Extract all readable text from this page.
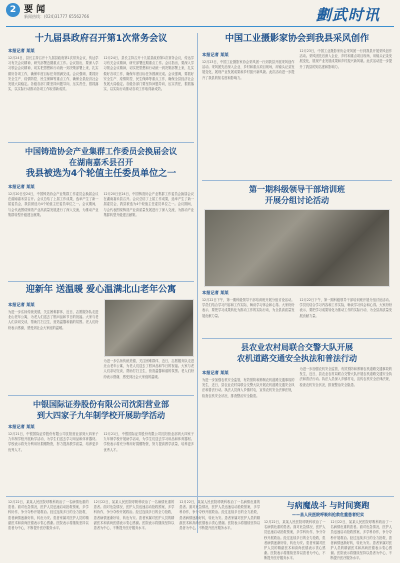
2 要 闻
新闻热线：(024)31777 65562766	劃武时讯
十九届县政府召开第1次常务会议
本报记者 某某
12月24日，县长主持召开十九届县政府第1次常务会议，传达学习有关会议精神，研究部署近期重点工作。会议指出，要深入学习领会会议精神，切实把思想和行动统一到决策部署上来，扎实做好各项工作，确保年度目标任务圆满完成。会议强调，要抓好安全生产、疫情防控、民生保障等重点工作，确保全县经济社会发展大局稳定。各级各部门要坚持问题导向，压实责任，狠抓落实，以实际行动推动各项工作取得新成效。
12月24日，县长主持召开十九届县政府第1次常务会议，传达学习有关会议精神，研究部署近期重点工作。会议指出，要深入学习领会会议精神，切实把思想和行动统一到决策部署上来，扎实做好各项工作，确保年度目标任务圆满完成。会议强调，要抓好安全生产、疫情防控、民生保障等重点工作，确保全县经济社会发展大局稳定。各级各部门要坚持问题导向，压实责任，狠抓落实，以实际行动推动各项工作取得新成效。
中国工业摄影家协会到我县采风创作
本报记者 某某
12月23日，中国工业摄影家协会采风团一行到我县开展采风创作活动。采风团先后深入企业、乡村和重点项目现场，用镜头记录发展变化，展现产业发展成果和乡村振兴新风貌。此次活动进一步提升了我县的知名度和影响力。
12月23日，中国工业摄影家协会采风团一行到我县开展采风创作活动。采风团先后深入企业、乡村和重点项目现场，用镜头记录发展变化，展现产业发展成果和乡村振兴新风貌。此次活动进一步提升了我县的知名度和影响力。
中国铸造协会产业集群工作委员会换届会议
在湖南嘉禾县召开
我县被选为4个轮值主任委员单位之一
本报记者 某某
12月20日至24日，中国铸造协会产业集群工作委员会换届会议在湖南嘉禾县召开。会议总结了上届工作成果，选举产生了新一届委员会，我县被选为4个轮值主任委员单位之一。会议期间，与会代表围绕铸造产业高质量发展进行了深入交流，为推动产业集群转型升级建言献策。
12月20日至24日，中国铸造协会产业集群工作委员会换届会议在湖南嘉禾县召开。会议总结了上届工作成果，选举产生了新一届委员会，我县被选为4个轮值主任委员单位之一。会议期间，与会代表围绕铸造产业高质量发展进行了深入交流，为推动产业集群转型升级建言献策。
第一期科级领导干部培训班
开展分组讨论活动
本报记者 某某
12月22日下午，第一期科级领导干部培训班开展分组讨论活动。学员们结合学习内容和工作实际，畅谈学习体会和心得。大家纷纷表示，要把学习成果转化为推动工作的实际行动，为全县高质量发展贡献力量。
12月22日下午，第一期科级领导干部培训班开展分组讨论活动。学员们结合学习内容和工作实际，畅谈学习体会和心得。大家纷纷表示，要把学习成果转化为推动工作的实际行动，为全县高质量发展贡献力量。
迎新年 送温暖 爱心温满北山老年公寓
本报记者 某某
为进一步弘扬传统美德，关注困难群体，近日，志愿服务队走进北山老年公寓，为老人们送去了慰问品和节日的祝福。大家与老人们亲切交谈，帮助打扫卫生，营造温馨和谐的氛围。老人们纷纷表示感谢，感受到社会大家庭的温暖。
为进一步弘扬传统美德，关注困难群体，近日，志愿服务队走进北山老年公寓，为老人们送去了慰问品和节日的祝福。大家与老人们亲切交谈，帮助打扫卫生，营造温馨和谐的氛围。老人们纷纷表示感谢，感受到社会大家庭的温暖。
县农业农村局联合交警大队开展
农机道路交通安全执法和普法行动
本报记者 某某
为进一步加强农机安全监管，有效预防和遏制农机道路交通事故的发生，近日，县农业农村局联合交警大队开展农机道路交通安全执法和普法行动。执法人员深入乡镇村屯，宣传农机安全法律法规，检查农机安全状况，排查整治安全隐患。
为进一步加强农机安全监管，有效预防和遏制农机道路交通事故的发生，近日，县农业农村局联合交警大队开展农机道路交通安全执法和普法行动。执法人员深入乡镇村屯，宣传农机安全法律法规，检查农机安全状况，排查整治安全隐患。
中银国际证券股份有限公司沈阳营业部
到大四家子九年制学校开展助学活动
本报记者 某某
12月21日，中银国际证券股份有限公司沈阳营业部到大四家子九年制学校开展助学活动，为学生们送去学习用品和体育器材。学校表示将充分利用好捐赠物资，努力提高教学质量，培养更多优秀人才。
12月21日，中银国际证券股份有限公司沈阳营业部到大四家子九年制学校开展助学活动，为学生们送去学习用品和体育器材。学校表示将充分利用好捐赠物资，努力提高教学质量，培养更多优秀人才。
与病魔战斗 与时间赛跑
——县人民医院呼吸科抢救危重患者纪实
12月22日，某某人民医院呼吸科收治了一名病情危重的患者。面对危急情况，医护人员迅速启动抢救预案，多学科协作，争分夺秒开展救治。经过连续多日的全力抢救，患者病情逐渐好转，转危为安。患者家属对医护人员的精湛医术和高尚医德表示衷心感谢。医院表示将继续坚持以患者为中心，不断提升医疗服务水平。
12月22日，某某人民医院呼吸科收治了一名病情危重的患者。面对危急情况，医护人员迅速启动抢救预案，多学科协作，争分夺秒开展救治。经过连续多日的全力抢救，患者病情逐渐好转，转危为安。患者家属对医护人员的精湛医术和高尚医德表示衷心感谢。医院表示将继续坚持以患者为中心，不断提升医疗服务水平。
12月22日，某某人民医院呼吸科收治了一名病情危重的患者。面对危急情况，医护人员迅速启动抢救预案，多学科协作，争分夺秒开展救治。经过连续多日的全力抢救，患者病情逐渐好转，转危为安。患者家属对医护人员的精湛医术和高尚医德表示衷心感谢。医院表示将继续坚持以患者为中心，不断提升医疗服务水平。
12月22日，某某人民医院呼吸科收治了一名病情危重的患者。面对危急情况，医护人员迅速启动抢救预案，多学科协作，争分夺秒开展救治。经过连续多日的全力抢救，患者病情逐渐好转，转危为安。患者家属对医护人员的精湛医术和高尚医德表示衷心感谢。医院表示将继续坚持以患者为中心，不断提升医疗服务水平。
12月22日，某某人民医院呼吸科收治了一名病情危重的患者。面对危急情况，医护人员迅速启动抢救预案，多学科协作，争分夺秒开展救治。经过连续多日的全力抢救，患者病情逐渐好转，转危为安。患者家属对医护人员的精湛医术和高尚医德表示衷心感谢。医院表示将继续坚持以患者为中心，不断提升医疗服务水平。
